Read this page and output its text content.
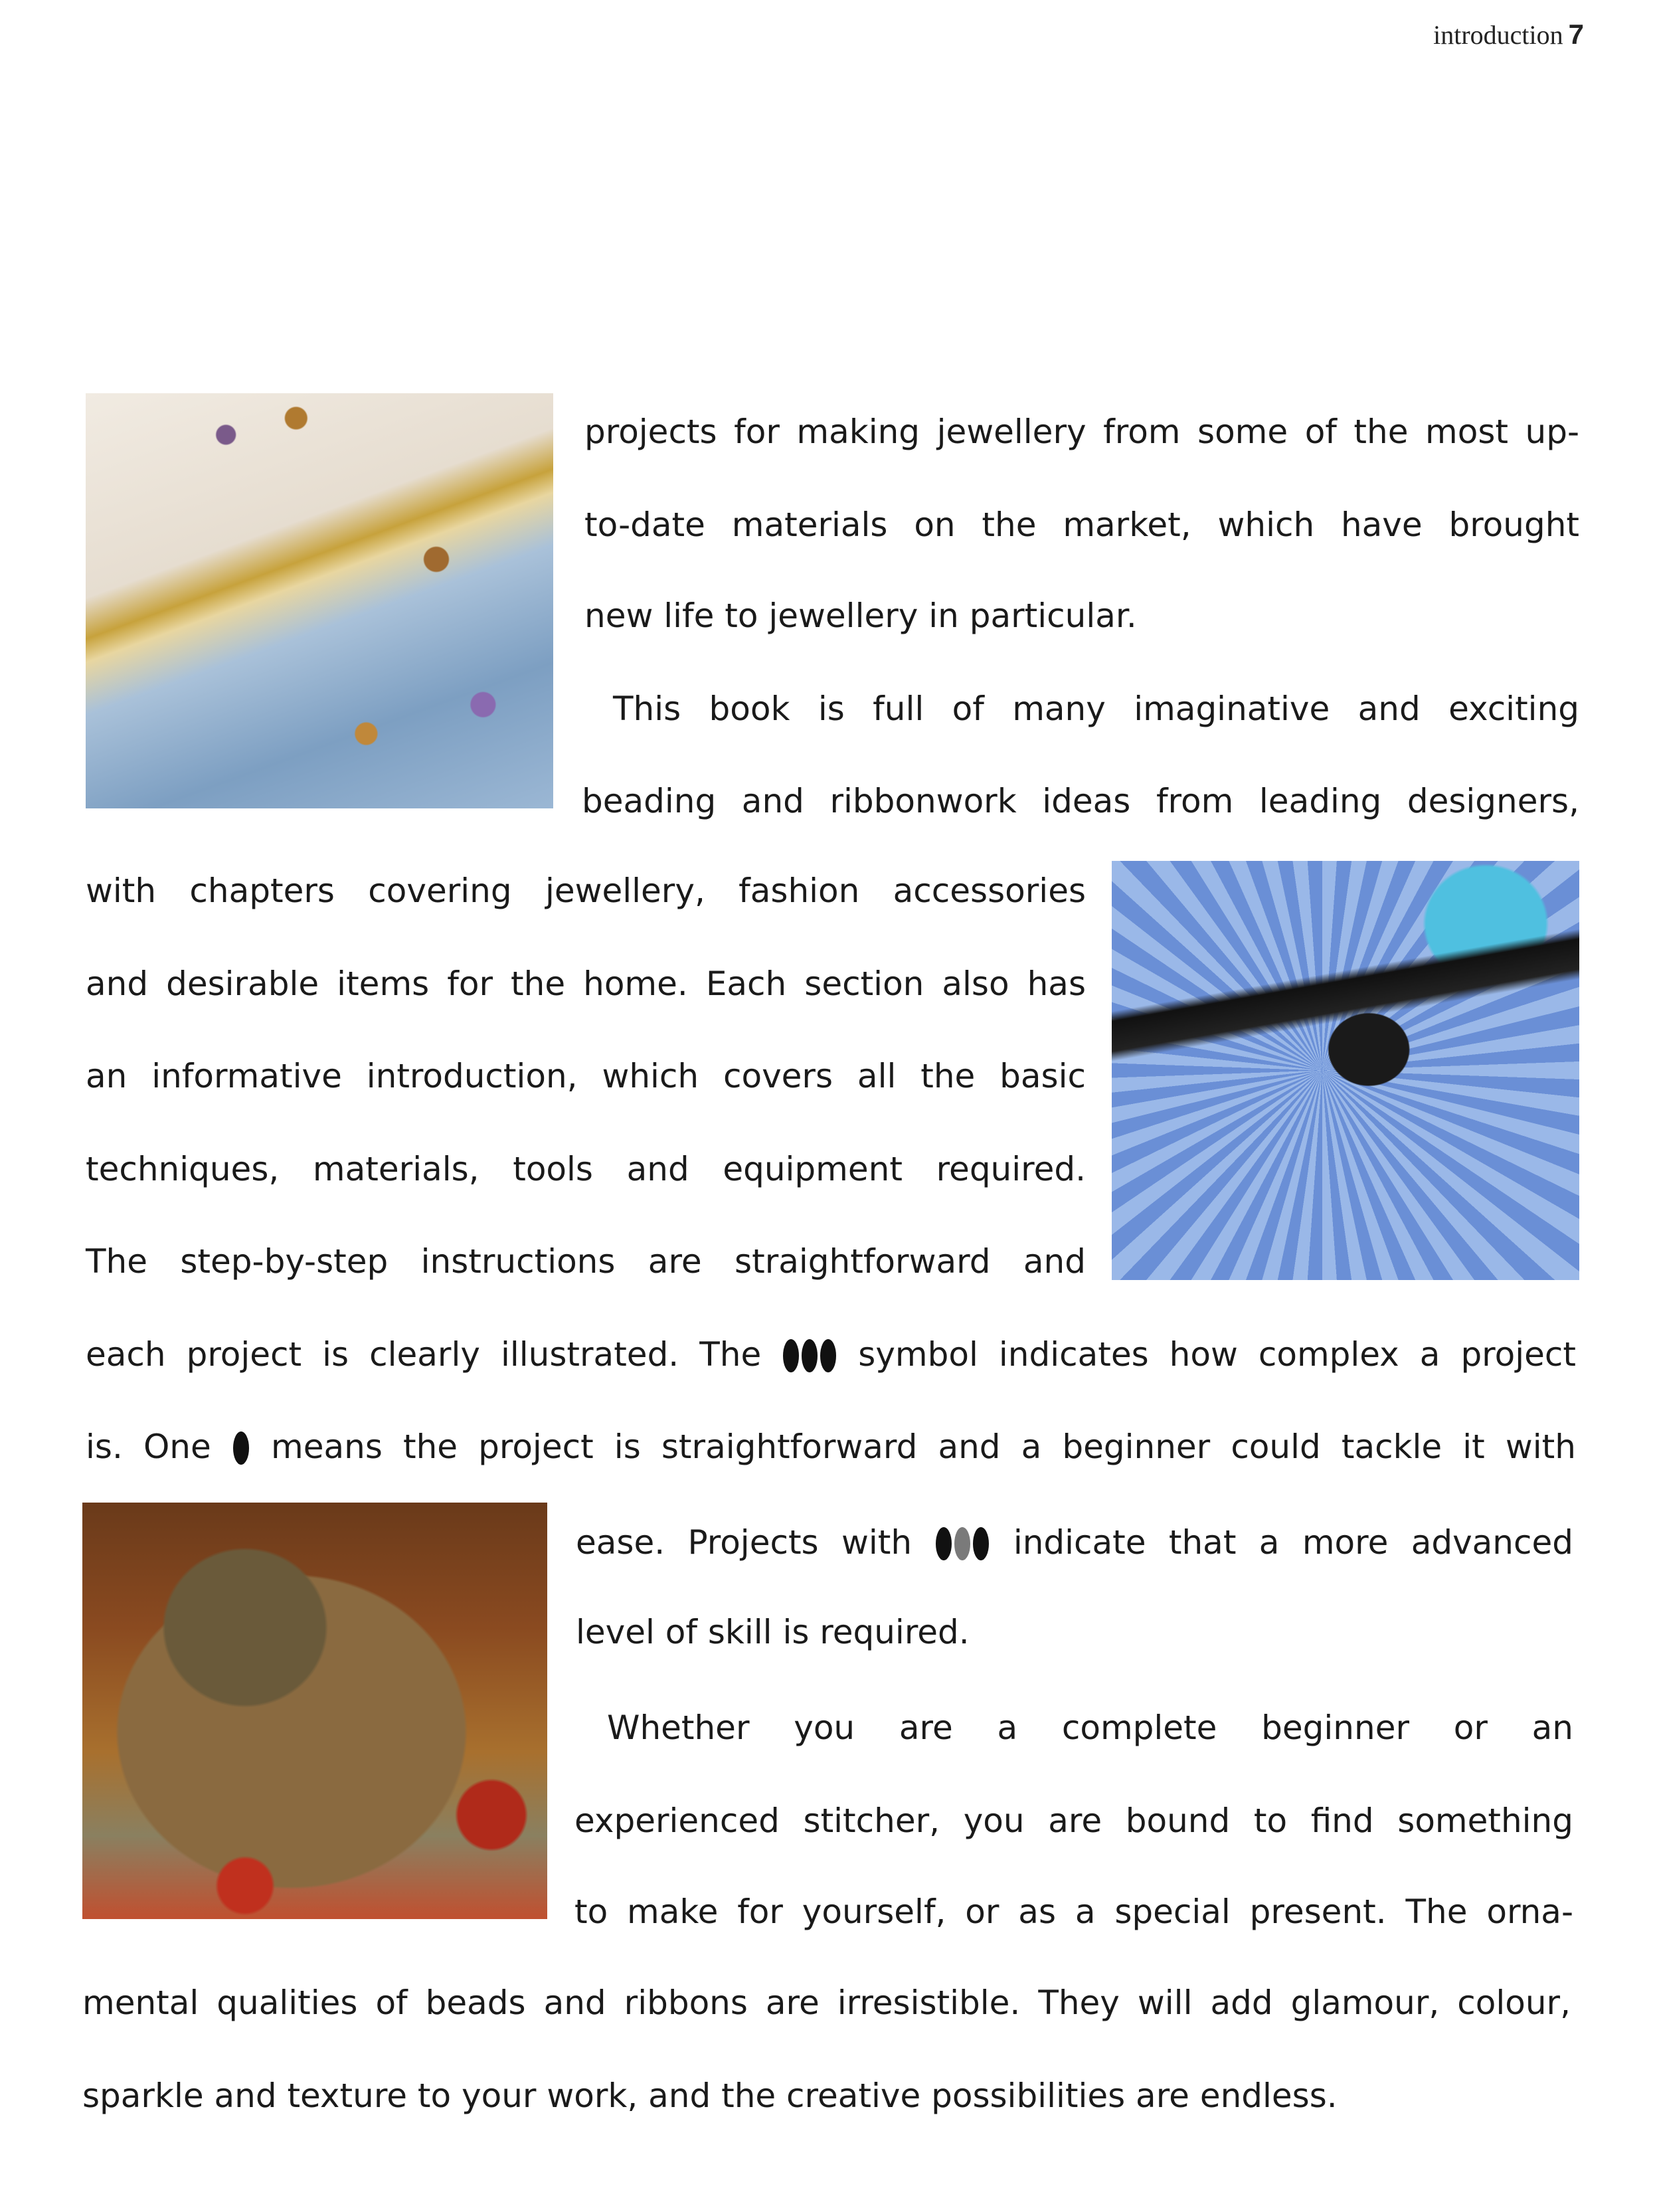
introduction 7
projects for making jewellery from some of the most up-
to-date materials on the market, which have brought
new life to jewellery in particular.
This book is full of many imaginative and exciting
beading and ribbonwork ideas from leading designers,
with chapters covering jewellery, fashion accessories
and desirable items for the home. Each section also has
an informative introduction, which covers all the basic
techniques, materials, tools and equipment required.
The step-by-step instructions are straightforward and
each project is clearly illustrated. The	symbol indicates how complex a project
is. One means the project is straightforward and a beginner could tackle it with
ease. Projects with	indicate that a more advanced
level of skill is required.
Whether you are a complete beginner or an
experienced stitcher, you are bound to find something
to make for yourself, or as a special present. The orna-
mental qualities of beads and ribbons are irresistible. They will add glamour, colour,
sparkle and texture to your work, and the creative possibilities are endless.
